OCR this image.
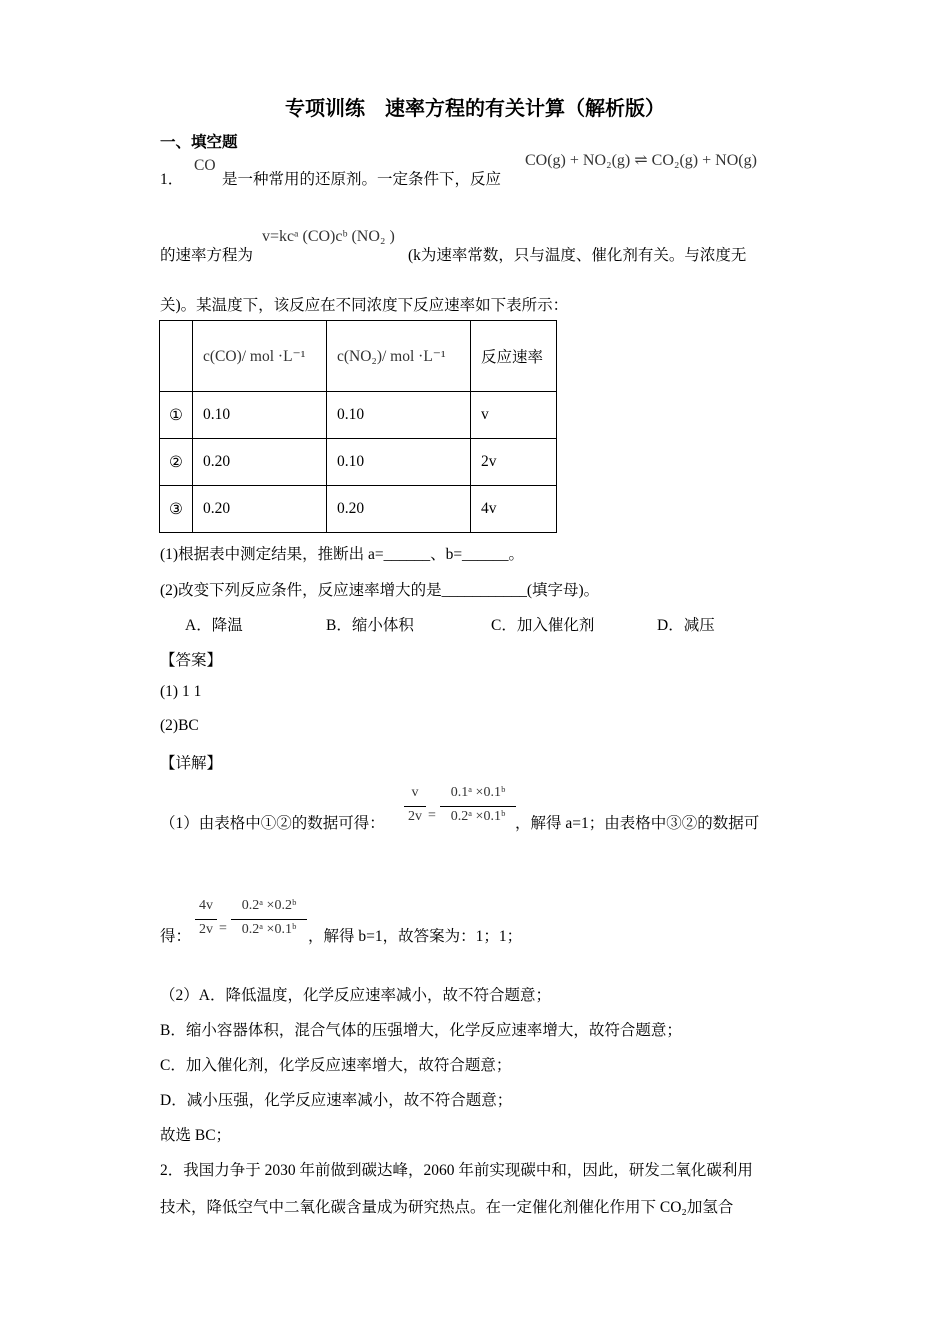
专项训练　速率方程的有关计算（解析版）
一、填空题
1．
CO
是一种常用的还原剂。一定条件下，反应
CO(g) + NO₂(g) ⇌ CO₂(g) + NO(g)
的速率方程为
v=kcᵃ (CO)cᵇ (NO₂ )
(k为速率常数，只与温度、催化剂有关。与浓度无
关)。某温度下，该反应在不同浓度下反应速率如下表所示：
	c(CO)/ mol ·L⁻¹	c(NO₂)/ mol ·L⁻¹	反应速率
①	0.10	0.10	v
②	0.20	0.10	2v
③	0.20	0.20	4v
(1)根据表中测定结果，推断出 a=______、b=______。
(2)改变下列反应条件，反应速率增大的是___________(填字母)。
A．降温	B．缩小体积	C．加入催化剂	D．减压
【答案】
(1) 1 1
(2)BC
【详解】
（1）由表格中①②的数据可得：
v
2v =
0.1ᵃ ×0.1ᵇ
0.2ᵃ ×0.1ᵇ ，解得 a=1；由表格中③②的数据可
得：
4v
2v =
0.2ᵃ ×0.2ᵇ
0.2ᵃ ×0.1ᵇ ，解得 b=1，故答案为：1；1；
（2）A．降低温度，化学反应速率减小，故不符合题意；
B．缩小容器体积，混合气体的压强增大，化学反应速率增大，故符合题意；
C．加入催化剂，化学反应速率增大，故符合题意；
D．减小压强，化学反应速率减小，故不符合题意；
故选 BC；
2．我国力争于 2030 年前做到碳达峰，2060 年前实现碳中和，因此，研发二氧化碳利用
技术，降低空气中二氧化碳含量成为研究热点。在一定催化剂催化作用下 CO₂加氢合
